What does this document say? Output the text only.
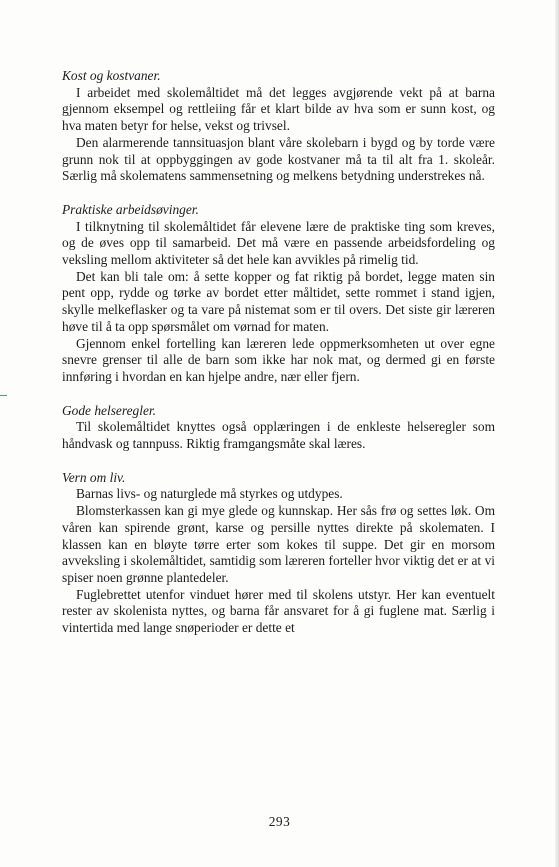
Kost og kostvaner.

I arbeidet med skolemåltidet må det legges avgjørende vekt på at barna gjennom eksempel og rettleiing får et klart bilde av hva som er sunn kost, og hva maten betyr for helse, vekst og trivsel.

Den alarmerende tannsituasjon blant våre skolebarn i bygd og by torde være grunn nok til at oppbyggingen av gode kostvaner må ta til alt fra 1. skoleår. Særlig må skolematens sammensetning og melkens betydning understrekes nå.

Praktiske arbeidsøvinger.

I tilknytning til skolemåltidet får elevene lære de praktiske ting som kreves, og de øves opp til samarbeid. Det må være en passende arbeidsfordeling og veksling mellom aktiviteter så det hele kan avvikles på rimelig tid.

Det kan bli tale om: å sette kopper og fat riktig på bordet, legge maten sin pent opp, rydde og tørke av bordet etter måltidet, sette rommet i stand igjen, skylle melkeflasker og ta vare på nistemat som er til overs. Det siste gir læreren høve til å ta opp spørsmålet om vørnad for maten.

Gjennom enkel fortelling kan læreren lede oppmerksomheten ut over egne snevre grenser til alle de barn som ikke har nok mat, og dermed gi en første innføring i hvordan en kan hjelpe andre, nær eller fjern.

Gode helseregler.

Til skolemåltidet knyttes også opplæringen i de enkleste helseregler som håndvask og tannpuss. Riktig framgangsmåte skal læres.

Vern om liv.

Barnas livs- og naturglede må styrkes og utdypes.

Blomsterkassen kan gi mye glede og kunnskap. Her sås frø og settes løk. Om våren kan spirende grønt, karse og persille nyttes direkte på skolematen. I klassen kan en bløyte tørre erter som kokes til suppe. Det gir en morsom avveksling i skolemåltidet, samtidig som læreren forteller hvor viktig det er at vi spiser noen grønne plantedeler.

Fuglebrettet utenfor vinduet hører med til skolens utstyr. Her kan eventuelt rester av skolenista nyttes, og barna får ansvaret for å gi fuglene mat. Særlig i vintertida med lange snøperioder er dette et

293
